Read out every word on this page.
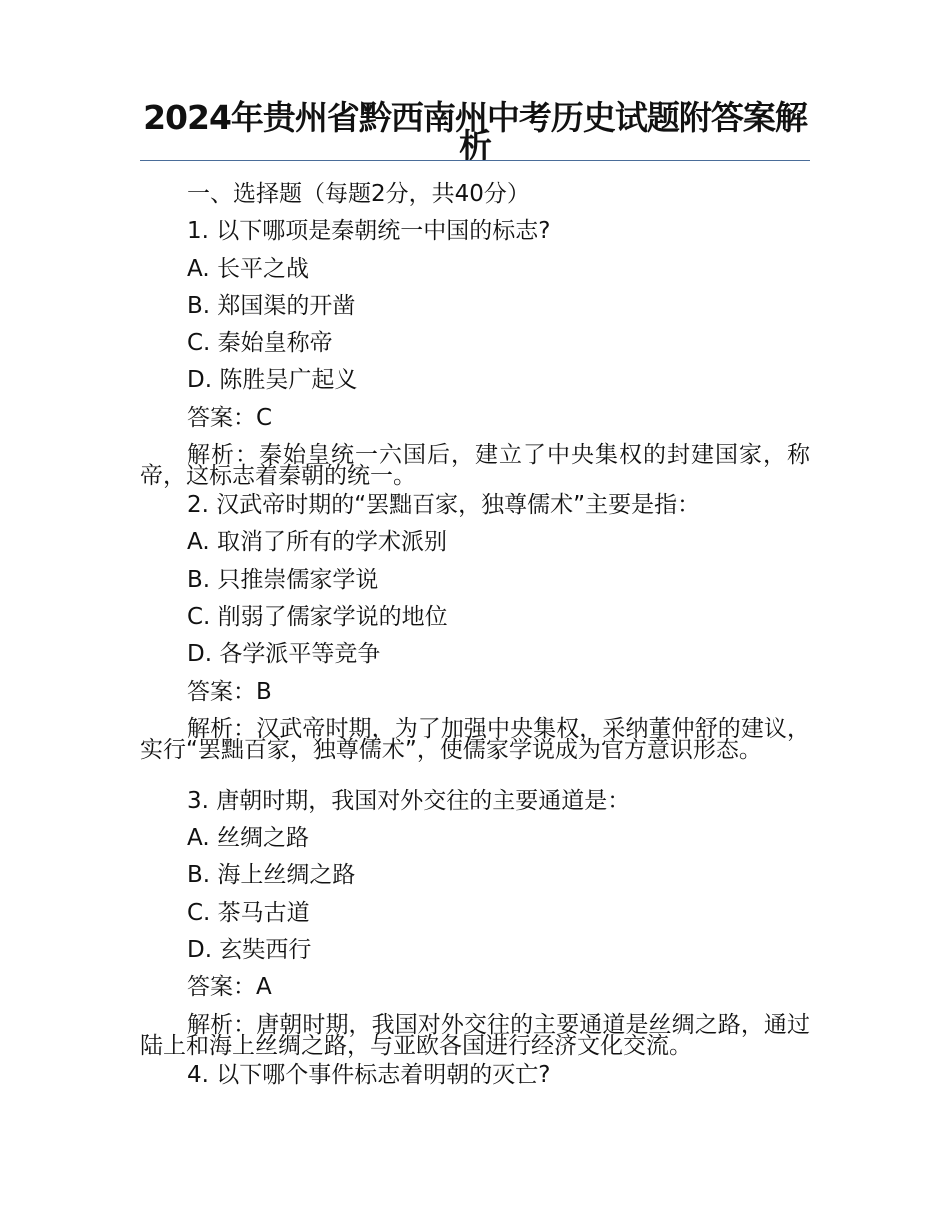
2024年贵州省黔西南州中考历史试题附答案解析
一、选择题（每题2分，共40分）
1. 以下哪项是秦朝统一中国的标志?
A. 长平之战
B. 郑国渠的开凿
C. 秦始皇称帝
D. 陈胜吴广起义
答案：C
解析：秦始皇统一六国后，建立了中央集权的封建国家，称帝，这标志着秦朝的统一。
2. 汉武帝时期的“罢黜百家，独尊儒术”主要是指：
A. 取消了所有的学术派别
B. 只推崇儒家学说
C. 削弱了儒家学说的地位
D. 各学派平等竞争
答案：B
解析：汉武帝时期，为了加强中央集权，采纳董仲舒的建议，实行“罢黜百家，独尊儒术”，使儒家学说成为官方意识形态。
3. 唐朝时期，我国对外交往的主要通道是：
A. 丝绸之路
B. 海上丝绸之路
C. 茶马古道
D. 玄奘西行
答案：A
解析：唐朝时期，我国对外交往的主要通道是丝绸之路，通过陆上和海上丝绸之路，与亚欧各国进行经济文化交流。
4. 以下哪个事件标志着明朝的灭亡?
